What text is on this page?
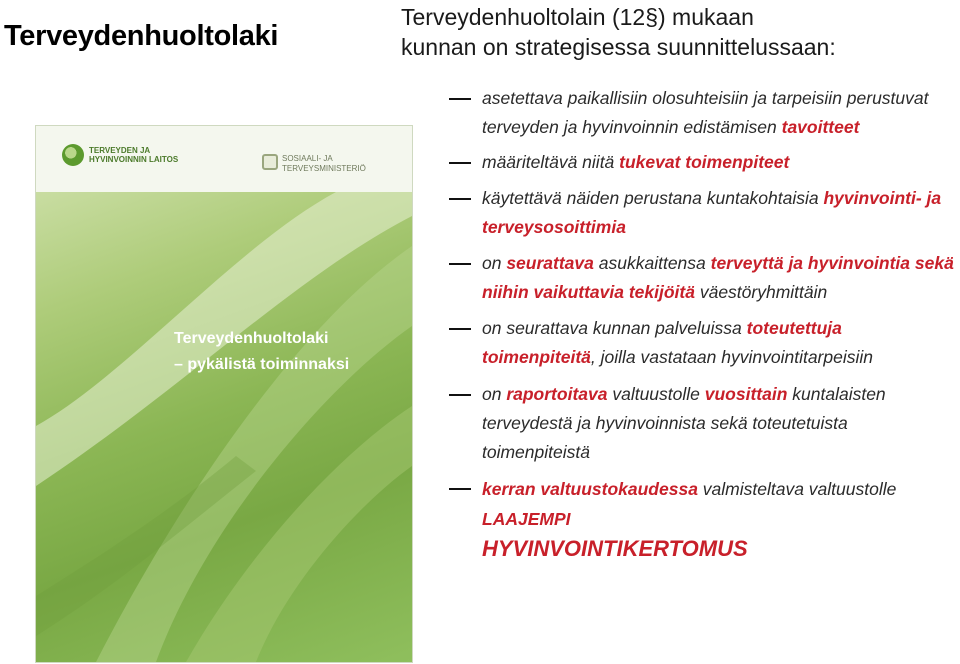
Terveydenhuoltolaki
Terveydenhuoltolain (12§) mukaan
kunnan on strategisessa suunnittelussaan:
TERVEYDEN JA
HYVINVOINNIN LAITOS	SOSIAALI- JA
TERVEYSMINISTERIÖ
Terveydenhuoltolaki
– pykälistä toiminnaksi
asetettava paikallisiin olosuhteisiin ja tarpeisiin perustuvat terveyden ja hyvinvoinnin edistämisen tavoitteet
määriteltävä niitä tukevat toimenpiteet
käytettävä näiden perustana kuntakohtaisia hyvinvointi- ja terveysosoittimia
on seurattava asukkaittensa terveyttä ja hyvinvointia sekä niihin vaikuttavia tekijöitä väestöryhmittäin
on seurattava kunnan palveluissa toteutettuja toimenpiteitä, joilla vastataan hyvinvointitarpeisiin
on raportoitava valtuustolle vuosittain kuntalaisten terveydestä ja hyvinvoinnista sekä toteutetuista toimenpiteistä
kerran valtuustokaudessa valmisteltava valtuustolle LAAJEMPI
HYVINVOINTIKERTOMUS
